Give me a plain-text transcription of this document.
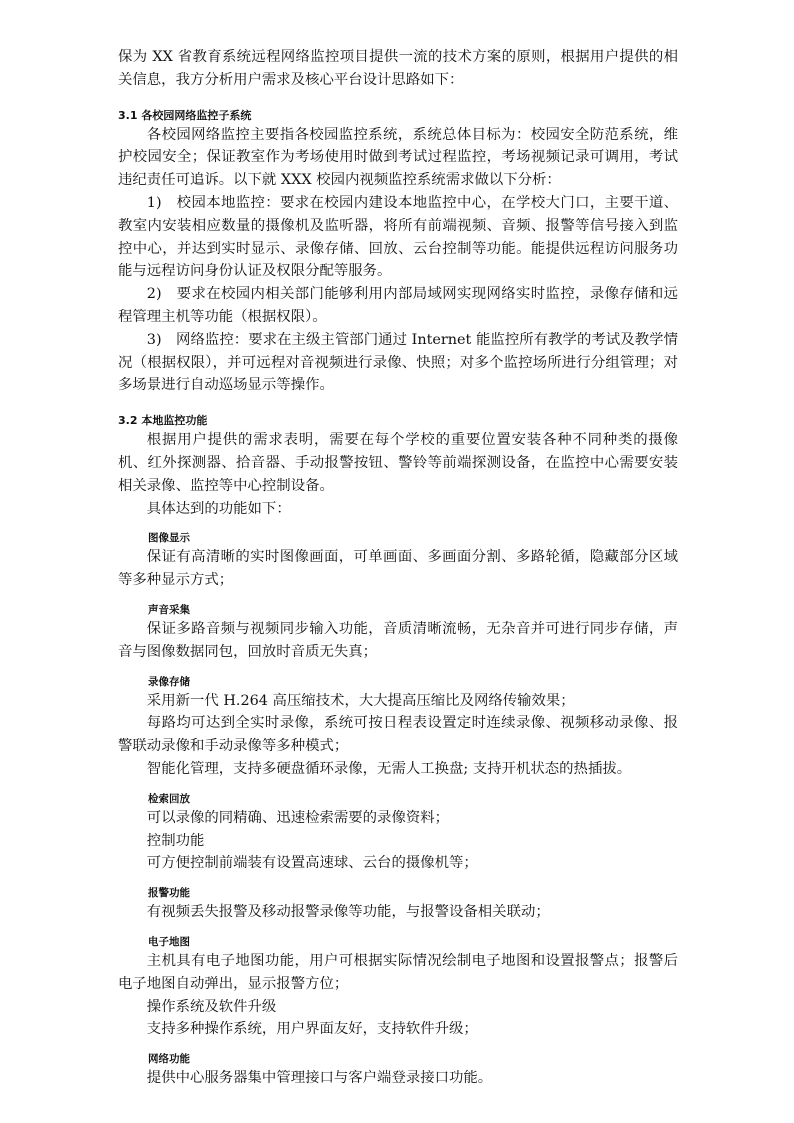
保为 XX 省教育系统远程网络监控项目提供一流的技术方案的原则，根据用户提供的相关信息，我方分析用户需求及核心平台设计思路如下：

3.1 各校园网络监控子系统

各校园网络监控主要指各校园监控系统，系统总体目标为：校园安全防范系统，维护校园安全；保证教室作为考场使用时做到考试过程监控，考场视频记录可调用，考试违纪责任可追诉。以下就 XXX 校园内视频监控系统需求做以下分析：

1)　校园本地监控：要求在校园内建设本地监控中心，在学校大门口，主要干道、教室内安装相应数量的摄像机及监听器，将所有前端视频、音频、报警等信号接入到监控中心，并达到实时显示、录像存储、回放、云台控制等功能。能提供远程访问服务功能与远程访问身份认证及权限分配等服务。

2)　要求在校园内相关部门能够利用内部局域网实现网络实时监控，录像存储和远程管理主机等功能（根据权限）。

3)　网络监控：要求在主级主管部门通过 Internet 能监控所有教学的考试及教学情况（根据权限），并可远程对音视频进行录像、快照；对多个监控场所进行分组管理；对多场景进行自动巡场显示等操作。

3.2 本地监控功能

根据用户提供的需求表明，需要在每个学校的重要位置安装各种不同种类的摄像机、红外探测器、拾音器、手动报警按钮、警铃等前端探测设备，在监控中心需要安装相关录像、监控等中心控制设备。

具体达到的功能如下：

图像显示

保证有高清晰的实时图像画面，可单画面、多画面分割、多路轮循，隐藏部分区域等多种显示方式；

声音采集

保证多路音频与视频同步输入功能，音质清晰流畅，无杂音并可进行同步存储，声音与图像数据同包，回放时音质无失真；

录像存储

采用新一代 H.264 高压缩技术，大大提高压缩比及网络传输效果；

每路均可达到全实时录像，系统可按日程表设置定时连续录像、视频移动录像、报警联动录像和手动录像等多种模式；

智能化管理，支持多硬盘循环录像，无需人工换盘; 支持开机状态的热插拔。

检索回放

可以录像的同精确、迅速检索需要的录像资料；

控制功能

可方便控制前端装有设置高速球、云台的摄像机等；

报警功能

有视频丢失报警及移动报警录像等功能，与报警设备相关联动；

电子地图

主机具有电子地图功能，用户可根据实际情况绘制电子地图和设置报警点；报警后电子地图自动弹出，显示报警方位；

操作系统及软件升级

支持多种操作系统，用户界面友好，支持软件升级；

网络功能

提供中心服务器集中管理接口与客户端登录接口功能。
